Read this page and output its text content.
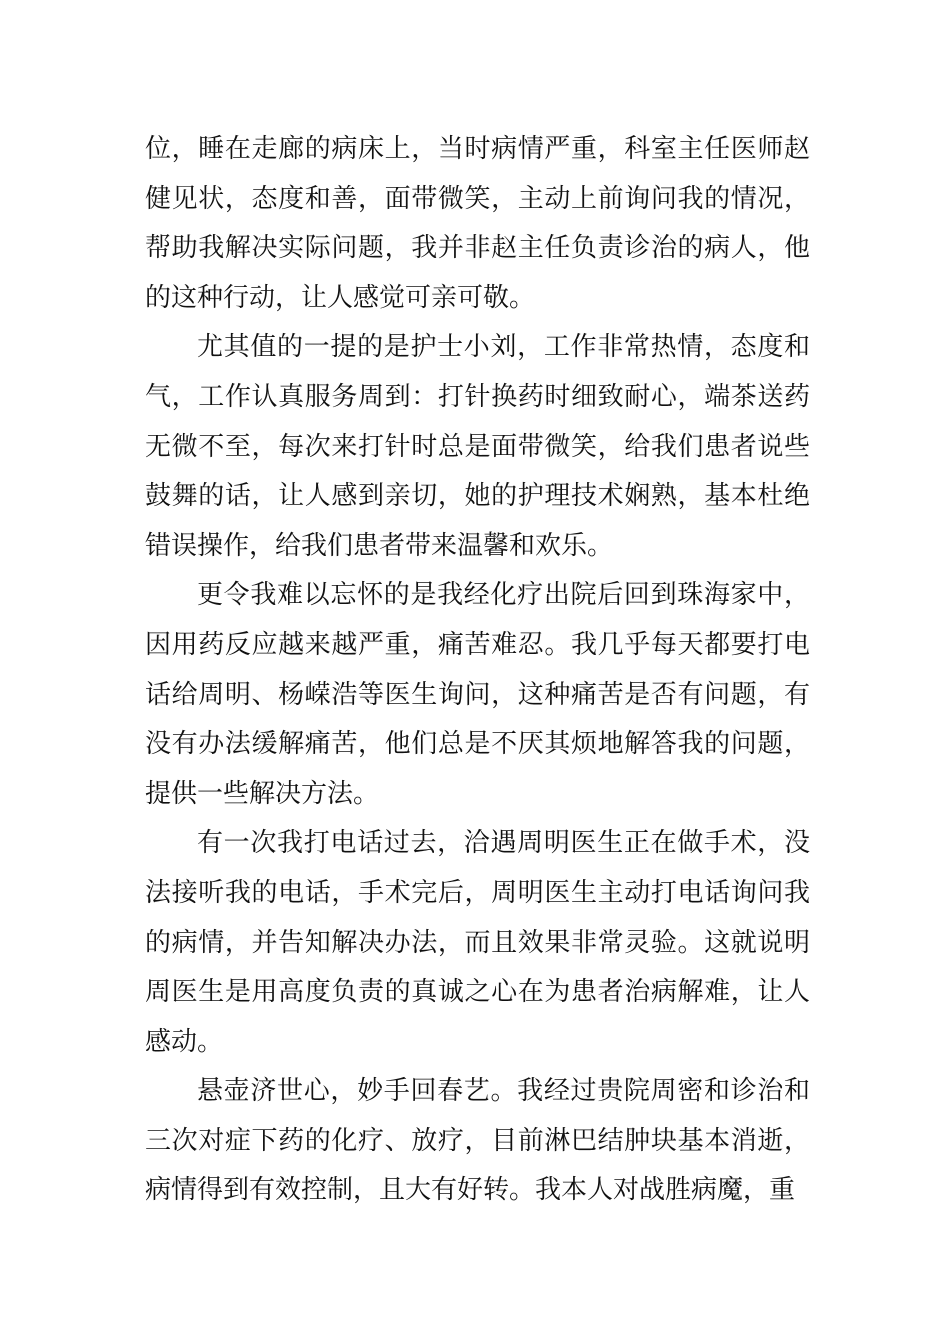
位，睡在走廊的病床上，当时病情严重，科室主任医师赵健见状，态度和善，面带微笑，主动上前询问我的情况，帮助我解决实际问题，我并非赵主任负责诊治的病人，他的这种行动，让人感觉可亲可敬。

尤其值的一提的是护士小刘，工作非常热情，态度和气，工作认真服务周到：打针换药时细致耐心，端茶送药无微不至，每次来打针时总是面带微笑，给我们患者说些鼓舞的话，让人感到亲切，她的护理技术娴熟，基本杜绝错误操作，给我们患者带来温馨和欢乐。

更令我难以忘怀的是我经化疗出院后回到珠海家中，因用药反应越来越严重，痛苦难忍。我几乎每天都要打电话给周明、杨嵘浩等医生询问，这种痛苦是否有问题，有没有办法缓解痛苦，他们总是不厌其烦地解答我的问题，提供一些解决方法。

有一次我打电话过去，洽遇周明医生正在做手术，没法接听我的电话，手术完后，周明医生主动打电话询问我的病情，并告知解决办法，而且效果非常灵验。这就说明周医生是用高度负责的真诚之心在为患者治病解难，让人感动。

悬壶济世心，妙手回春艺。我经过贵院周密和诊治和三次对症下药的化疗、放疗，目前淋巴结肿块基本消逝，病情得到有效控制，且大有好转。我本人对战胜病魔，重
